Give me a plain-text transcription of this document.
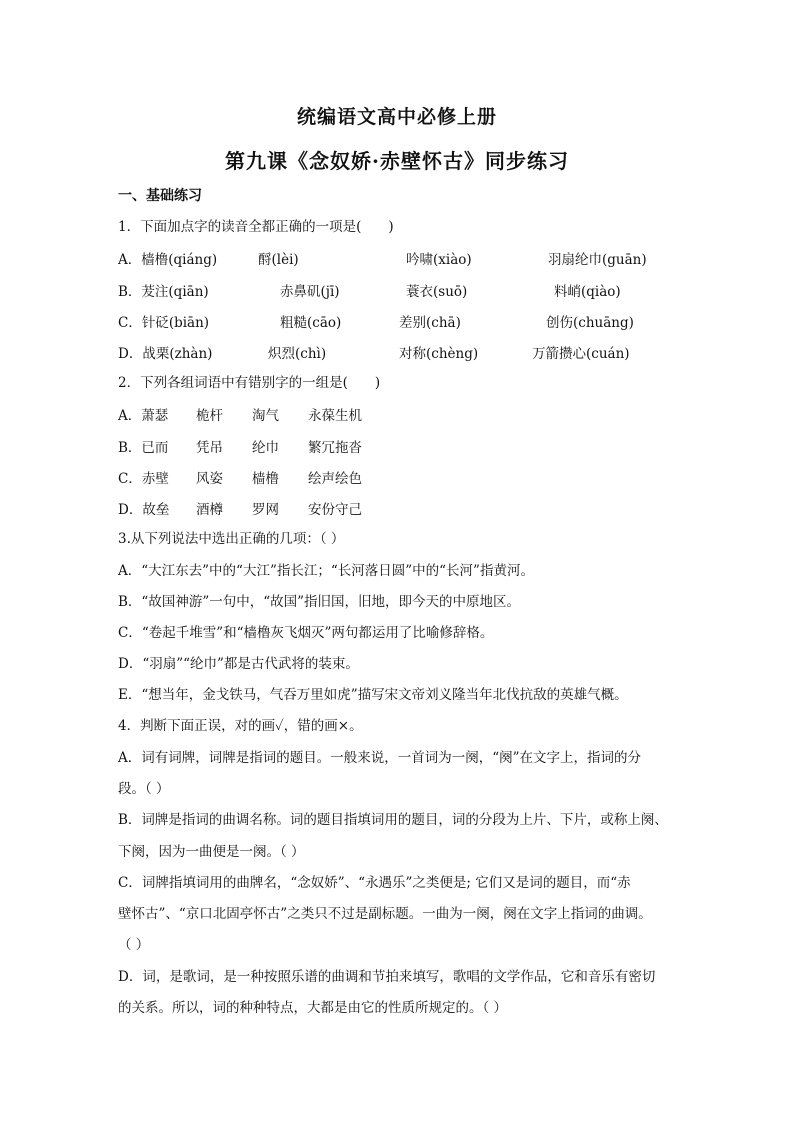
统编语文高中必修上册
第九课《念奴娇·赤壁怀古》同步练习
一、基础练习
1．下面加点字的读音全都正确的一项是(　　)
A．樯橹(qiáng)	酹(lèi)	吟啸(xiào)	羽扇纶巾(guān)
B．茇注(qiān)	赤鼻矶(jī)	蓑衣(suō)	料峭(qiào)
C．针砭(biān)	粗糙(cāo)	差别(chā)	创伤(chuāng)
D．战栗(zhàn)	炽烈(chì)	对称(chèng)	万箭攒心(cuán)
2．下列各组词语中有错别字的一组是(　　)
A．萧瑟 桅杆 淘气 永葆生机
B．已而 凭吊 纶巾 繁冗拖沓
C．赤壁 风姿 樯橹 绘声绘色
D．故垒 酒樽 罗网 安份守己
3.从下列说法中选出正确的几项：（ ）
A．“大江东去”中的“大江”指长江；“长河落日圆”中的“长河”指黄河。
B．“故国神游”一句中，“故国”指旧国，旧地，即今天的中原地区。
C．“卷起千堆雪”和“樯橹灰飞烟灭”两句都运用了比喻修辞格。
D．“羽扇”“纶巾”都是古代武将的装束。
E．“想当年，金戈铁马，气吞万里如虎”描写宋文帝刘义隆当年北伐抗敌的英雄气概。
4．判断下面正误，对的画✓，错的画×。
A．词有词牌，词牌是指词的题目。一般来说，一首词为一阕，“阕”在文字上，指词的分
段。（ ）
B．词牌是指词的曲调名称。词的题目指填词用的题目，词的分段为上片、下片，或称上阕、
下阕，因为一曲便是一阕。（ ）
C．词牌指填词用的曲牌名，“念奴娇”、“永遇乐”之类便是; 它们又是词的题目，而“赤
壁怀古”、“京口北固亭怀古”之类只不过是副标题。一曲为一阕，阕在文字上指词的曲调。
（ ）
D．词，是歌词，是一种按照乐谱的曲调和节拍来填写，歌唱的文学作品，它和音乐有密切
的关系。所以，词的种种特点，大都是由它的性质所规定的。（ ）
